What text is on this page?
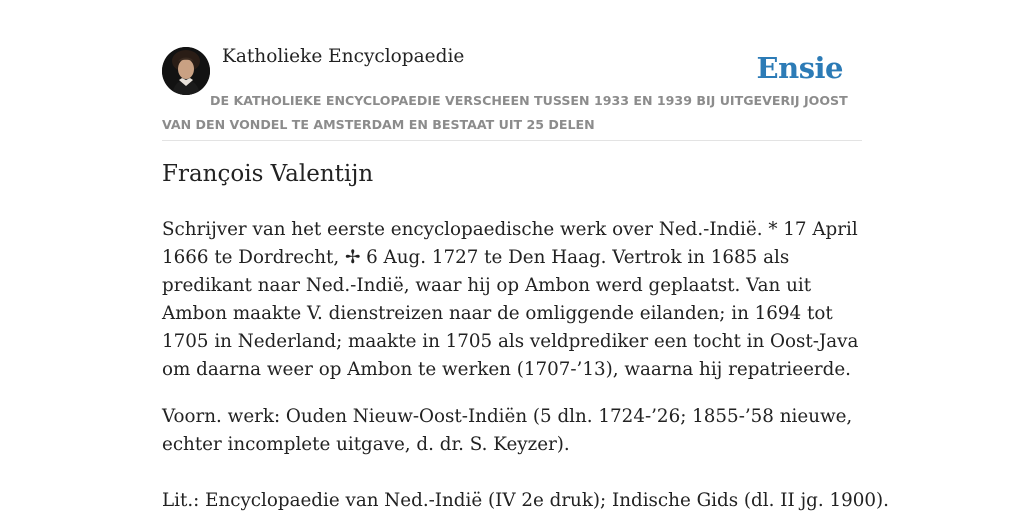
Katholieke Encyclopaedie	Ensie

DE KATHOLIEKE ENCYCLOPAEDIE VERSCHEEN TUSSEN 1933 EN 1939 BIJ UITGEVERIJ JOOST VAN DEN VONDEL TE AMSTERDAM EN BESTAAT UIT 25 DELEN

François Valentijn

Schrijver van het eerste encyclopaedische werk over Ned.-Indië. * 17 April 1666 te Dordrecht, ✢ 6 Aug. 1727 te Den Haag. Vertrok in 1685 als predikant naar Ned.-Indië, waar hij op Ambon werd geplaatst. Van uit Ambon maakte V. dienstreizen naar de omliggende eilanden; in 1694 tot 1705 in Nederland; maakte in 1705 als veldprediker een tocht in Oost-Java om daarna weer op Ambon te werken (1707-’13), waarna hij repatrieerde.

Voorn. werk: Ouden Nieuw-Oost-Indiën (5 dln. 1724-’26; 1855-’58 nieuwe, echter incomplete uitgave, d. dr. S. Keyzer).

Lit.: Encyclopaedie van Ned.-Indië (IV 2e druk); Indische Gids (dl. II jg. 1900).
